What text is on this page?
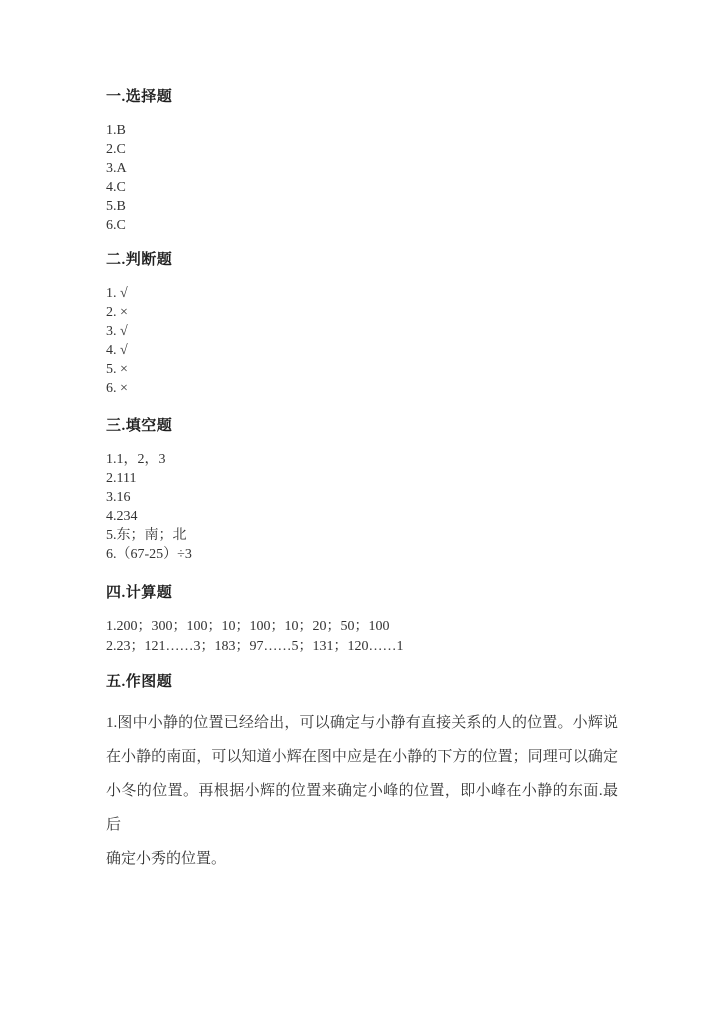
一.选择题
1.B
2.C
3.A
4.C
5.B
6.C
二.判断题
1. √
2. ×
3. √
4. √
5. ×
6. ×
三.填空题
1.1，2，3
2.111
3.16
4.234
5.东；南；北
6.（67-25）÷3
四.计算题
1.200；300；100；10；100；10；20；50；100
2.23；121……3；183；97……5；131；120……1
五.作图题
1.图中小静的位置已经给出，可以确定与小静有直接关系的人的位置。小辉说
在小静的南面，可以知道小辉在图中应是在小静的下方的位置；同理可以确定
小冬的位置。再根据小辉的位置来确定小峰的位置，即小峰在小静的东面.最后
确定小秀的位置。
